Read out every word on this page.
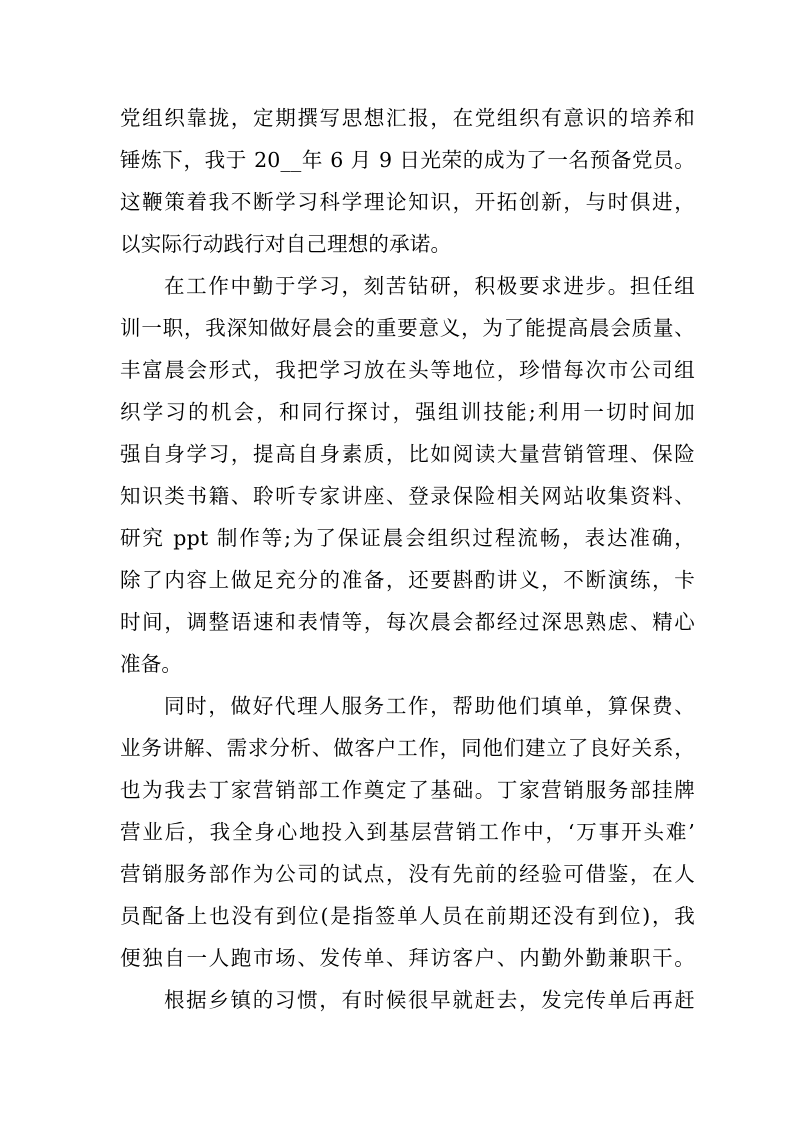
党组织靠拢，定期撰写思想汇报，在党组织有意识的培养和
锤炼下，我于 20__年 6 月 9 日光荣的成为了一名预备党员。
这鞭策着我不断学习科学理论知识，开拓创新，与时俱进，
以实际行动践行对自己理想的承诺。
在工作中勤于学习，刻苦钻研，积极要求进步。担任组
训一职，我深知做好晨会的重要意义，为了能提高晨会质量、
丰富晨会形式，我把学习放在头等地位，珍惜每次市公司组
织学习的机会，和同行探讨，强组训技能;利用一切时间加
强自身学习，提高自身素质，比如阅读大量营销管理、保险
知识类书籍、聆听专家讲座、登录保险相关网站收集资料、
研究 ppt 制作等;为了保证晨会组织过程流畅，表达准确，
除了内容上做足充分的准备，还要斟酌讲义，不断演练，卡
时间，调整语速和表情等，每次晨会都经过深思熟虑、精心
准备。
同时，做好代理人服务工作，帮助他们填单，算保费、
业务讲解、需求分析、做客户工作，同他们建立了良好关系，
也为我去丁家营销部工作奠定了基础。丁家营销服务部挂牌
营业后，我全身心地投入到基层营销工作中，‘万事开头难’
营销服务部作为公司的试点，没有先前的经验可借鉴，在人
员配备上也没有到位(是指签单人员在前期还没有到位)，我
便独自一人跑市场、发传单、拜访客户、内勤外勤兼职干。
根据乡镇的习惯，有时候很早就赶去，发完传单后再赶
